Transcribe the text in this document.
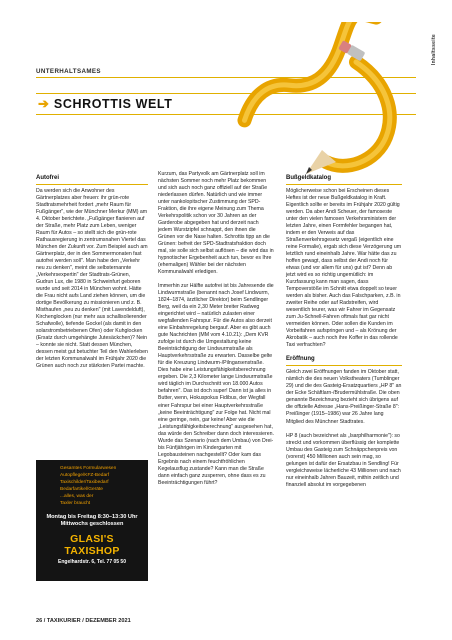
Inhaltsseite
UNTERHALTSAMES
➔ SCHROTTIS WELT
Autofrei

Da werden sich die Anwohner des Gärtnerplatzes aber freuen: ihr grün-rote Stadtratsmehrheit fordert „mehr Raum für Fußgänger", wie der Münchner Merkur (MM) am 4. Oktober berichtete. „Fußgänger flanieren auf der Straße, mehr Platz zum Leben, weniger Raum für Autos – so stellt sich die grün-rote Rathausregierung in zentrumsnahen Viertel das München der Zukunft vor. Zum Beispiel auch am Gärtnerplatz, der in den Sommermonaten fast autofrei werden soll". Man habe den „Verkehr neu zu denken", meint die selbsternannte „Verkehrsexpertin" der Stadtrats-Grünen, Gudrun Lux, die 1980 in Schweinfurt geboren wurde und seit 2014 in München wohnt. Hätte die Frau nicht aufs Land ziehen können, um die dortige Bevölkerung zu missionieren und z. B. Misthaufen „neu zu denken" (mit Lavendelduft), Kirchenglocken (nur mehr aus schallisolierender Schafwolle), tiefende Gockel (als damit in den solarstrombetriebenen Ofen) oder Kuhglocken (Ersatz durch umgehängte Jutesäckchen)? Nein – konnte sie nicht. Statt dessen München, dessen meist gut betuchter Teil den Wahlerleben der letzten Kommunalwahl im Frühjahr 2020 die Grünen auch noch zur stärksten Partei machte.

Gesamtes Formularwesen
Autopflege/KFZ-Bedarf
Taxischilder/Taxibedarf
Bedarfartikel/Geräte
...alles, was der
Taxler braucht
Montag bis Freitag 8:30–13:30 Uhr
Mittwochs geschlossen
GLASI'S TAXISHOP
Engelhardstr. 6, Tel. 77 05 50

Kurzum, das Partyvolk am Gärtnerplatz soll im nächsten Sommer noch mehr Platz bekommen und sich auch noch ganz offiziell auf der Straße niederlassen dürfen. Natürlich und wie immer unter nankolopitscher Zustimmung der SPD-Fraktion, die ihre eigene Meinung zum Thema Verkehrspolitik schon vor 30 Jahren an der Garderobe abgegeben hat und derzeit nach jedem Wurstzipfel schnappt, den ihnen die Grünen vor die Nase halten. Schrottis tipp an die Grünen: befreit der SPD-Stadtratsfraktion doch mal, sie solle sich selbst auflösen – die wird das in hypnotischer Ergebenheit auch tun, bevor es Ihre (ehemaligen) Wähler bei der nächsten Kommunalwahl erledigen.

Immerhin zur Hälfte autofrei ist bis Jahresende die Lindwurmstraße (benannt nach Josef Lindwurm, 1824–1874, ärztlicher Direktor) beim Sendlinger Berg, weil da ein 2,30 Meter breiter Radweg eingerichtet wird – natürlich zulasten einer wegfallenden Fahrspur. Für die Autos also derzeit eine Einbahnregelung bergauf. Aber es gibt auch gute Nachrichten (MM vom 4.10.21): „Dem KVR zufolge ist durch die Umgestaltung keine Beeinträchtigung der Lindwurmstraße als Hauptverkehrsstraße zu erwarten. Dasselbe gelte für die Kreuzung Lindwurm-/Pilngarsenstraße. Dies habe eine Leistungsfähigkeitsberechnung ergeben. Die 2,3 Kilometer lange Lindwurmstraße wird täglich im Durchschnitt von 18.000 Autos befahren". Das ist doch super! Dann ist ja alles in Butter, wenn, Hokuspokus Fidibus, der Wegfall einer Fahrspur bei einer Hauptverkehrsstraße „keine Beeinträchtigung" zur Folge hat. Nicht mal eine geringe, nein, gar keine! Aber wie die „Leistungsfähigkeitsberechnung" ausgesehen hat, das würde den Schreiber dann doch interessieren. Wurde das Szenario (nach dem Umbau) von Drei- bis Fünfjährigen im Kindergarten mit Legobausteinen nachgestellt? Oder kam das Ergebnis nach einem feuchtfröhlichen Kegelausflug zustande? Kann man die Straße dann einfach ganz zusperren, ohne dass es zu Beeinträchtigungen führt?

Bußgeldkatalog

Möglicherweise schon bei Erscheinen dieses Heftes ist der neue Bußgeldkatalog in Kraft. Eigentlich sollte er bereits im Frühjahr 2020 gültig werden. Da aber Andi Scheuer, der famoseste unter den vielen famosen Verkehrsministern der letzten Jahre, einen Formfehler begangen hat, indem er den Verweis auf das Straßenverkehrsgesetz vergaß (eigentlich eine reine Formalie), ergab sich diese Verzögerung um letztlich rund eineinhalb Jahre. War hätte das zu hoffen gewagt, dass selbst der Andi noch für etwas (und vor allem für uns) gut ist? Denn ab jetzt wird es so richtig ungemütlich: im Kurzfassung kann man sagen, dass Tempoverstöße im Schnitt etwa doppelt so teuer werden als bisher. Auch das Falschparken, z.B. in zweiter Reihe oder auf Radstreifen, wird wesentlich teurer, was wir Fahrer im Gegensatz zum Ju-Schnell-Fahren oftmals fast gar nicht vermeiden können. Oder sollen die Kunden im Vorbeifahren aufspringen und – als Krönung der Akrobatik – auch noch ihre Koffer in das rollende Taxi verfrachten?

Eröffnung

Gleich zwei Eröffnungen fanden im Oktober statt, nämlich die des neuen Volkstheaters (Tumblinger 29) und die des Gasteig-Ersatzquartiers „HP 8" an der Ecke Schäftlarn-/Brudermühlstraße. Die oben genannte Bezeichnung bezieht sich übrigens auf die offizielle Adresse „Hans-Preißinger-Straße 8": Preißinger (1915–1986) war 26 Jahre lang Mitglied des Münchner Stadtrates.

HP 8 (auch bezeichnet als „Isarphilharmonie"): so streckt und vorkommen überflüssig der komplette Umbau des Gasteig zum Schnäppchenpreis von (vorerst) 450 Millionen auch sein mag, so gelungen ist dafür der Ersatzbau in Sendling! Für vergleichsweise lächerliche 43 Millionen und nach nur eineinhalb Jahren Bauzeit, mithin zeitlich und finanziell absolut im vorgegebenen

26 / TAXIKURIER / DEZEMBER 2021
